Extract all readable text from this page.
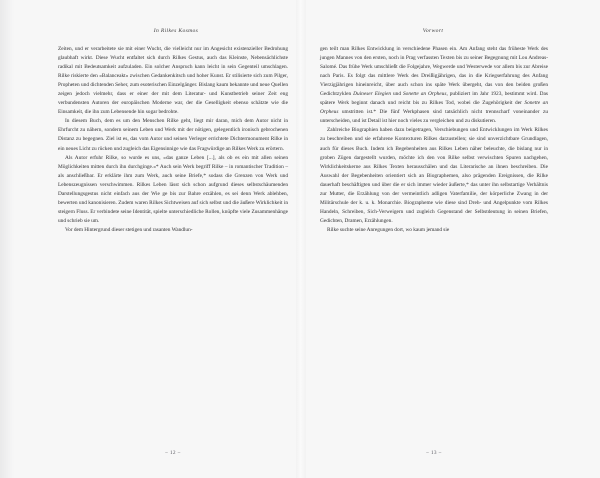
In Rilkes Kosmos

Zeiten, und er verarbeitete sie mit einer Wucht, die vielleicht nur im Angesicht existenzieller Bedrohung glaubhaft wirkt. Diese Wucht entfaltet sich durch Rilkes Gestus, auch das Kleinste, Nebensächlichste radikal mit Bedeutsamkeit aufzuladen. Ein solcher Anspruch kann leicht in sein Gegenteil umschlagen. Rilke riskierte den »Balanceakt« zwischen Gedankenkitsch und hoher Kunst. Er stilisierte sich zum Pilger, Propheten und dichtenden Seher, zum esoterischen Einzelgänger. Bislang kaum bekannte und neue Quellen zeigen jedoch vielmehr, dass er einer der mit dem Literatur- und Kunstbetrieb seiner Zeit eng verbundensten Autoren der europäischen Moderne war, der die Geselligkeit ebenso schätzte wie die Einsamkeit, die ihn zum Lebensende hin sogar bedrohte.

In diesem Buch, dem es um den Menschen Rilke geht, liegt mir daran, mich dem Autor nicht in Ehrfurcht zu nähern, sondern seinem Leben und Werk mit der nötigen, gelegentlich ironisch gebrochenen Distanz zu begegnen. Ziel ist es, das vom Autor und seinen Verleger errichtete Dichtermonument Rilke in ein neues Licht zu rücken und zugleich das Eigensinnige wie das Fragwürdige an Rilkes Werk zu erörtern.

Als Autor erfuhr Rilke, so wurde es uns, »das ganze Leben [...], als ob es ein mit allen seinen Möglichkeiten mitten durch ihn durchginge.«* Auch sein Werk begriff Rilke – in romantischer Tradition – als anschließbar. Er erklärte ihm zum Werk, auch seine Briefe,* sodass die Grenzen von Werk und Lebenszeugnissen verschwimmen. Rilkes Leben lässt sich schon aufgrund dieses selbstschäumenden Darstellungsgestus nicht einfach aus der Wie ge bis zur Bahre erzählen, es sei denn Werk ablehben, bewerten und kanonisieren. Zudem waren Rilkes Sichtweisen auf sich selbst und die äußere Wirklichkeit in steigern Fluss. Er verbindete seine Identität, spielte unterschiedliche Rollen, knüpfte viele Zusammenhänge und schrieb sie um.

Vor dem Hintergrund dieser stetigen und rasanten Wandlun-

– 12 –
Vorwort

gen teilt man Rilkes Entwicklung in verschiedene Phasen ein. Am Anfang steht das früheste Werk des jungen Mannes von den ersten, noch in Prag verfassten Texten bis zu seiner Begegnung mit Lou Andreas-Salomé. Das frühe Werk umschließt die Folgejahre, Wegwerde und Westerwede vor allem bis zur Abreise nach Paris. Es folgt das mittlere Werk des Dreißigjährigen, das in die Kriegserfahrung des Anfang Vierzigjährigen hineinreicht, über auch schon ins späte Werk übergeht, das von den beiden großen Gedichtzyklen Duineser Elegien und Sonette an Orpheus, publiziert im Jahr 1923, bestimmt wird. Das spätere Werk beginnt danach und reicht bis zu Rilkes Tod, wobei die Zugehörigkeit der Sonette an Orpheus umstritten ist.* Die fünf Werkphasen sind tatsächlich nicht trennscharf voneinander zu unterscheiden, und ist Detail ist hier noch vieles zu vergleichen und zu diskutieren.

Zahlreiche Biographien haben dazu beigetragen, Verschiebungen und Entwicklungen im Werk Rilkes zu beschreiben und sie erfahrene Kontexturen Rilkes darzustellen; sie sind unverzichtbare Grundlagen, auch für dieses Buch. Indem ich Begebenheiten aus Rilkes Leben näher beleuchte, die bislang nur in groben Zügen dargestellt wurden, möchte ich den von Rilke selbst verwischten Spuren nachgehen, Wirklichkeitskerne aus Rilkes Texten herausschälen und das Literarische an ihnen beschreiben. Die Auswahl der Begebenheiten orientiert sich an Biographemen, also prägenden Ereignissen, die Rilke dauerhaft beschäftigten und über die er sich immer wieder äußerte,* das unter ihn selbstartige Verhältnis zur Mutter, die Erzählung von der vermeintlich adligen Vaterfamilie, der körperliche Zwang in der Militärschule der k. u. k. Monarchie. Biographeme wie diese sind Dreh- und Angelpunkte vom Rilkes Handeln, Schreiben, Sich-Verweigern und zugleich Gegenstand der Selbstdeutung in seinen Briefen, Gedichten, Dramen, Erzählungen.

Rilke suchte seine Anregungen dort, wo kaum jemand sie

– 13 –
